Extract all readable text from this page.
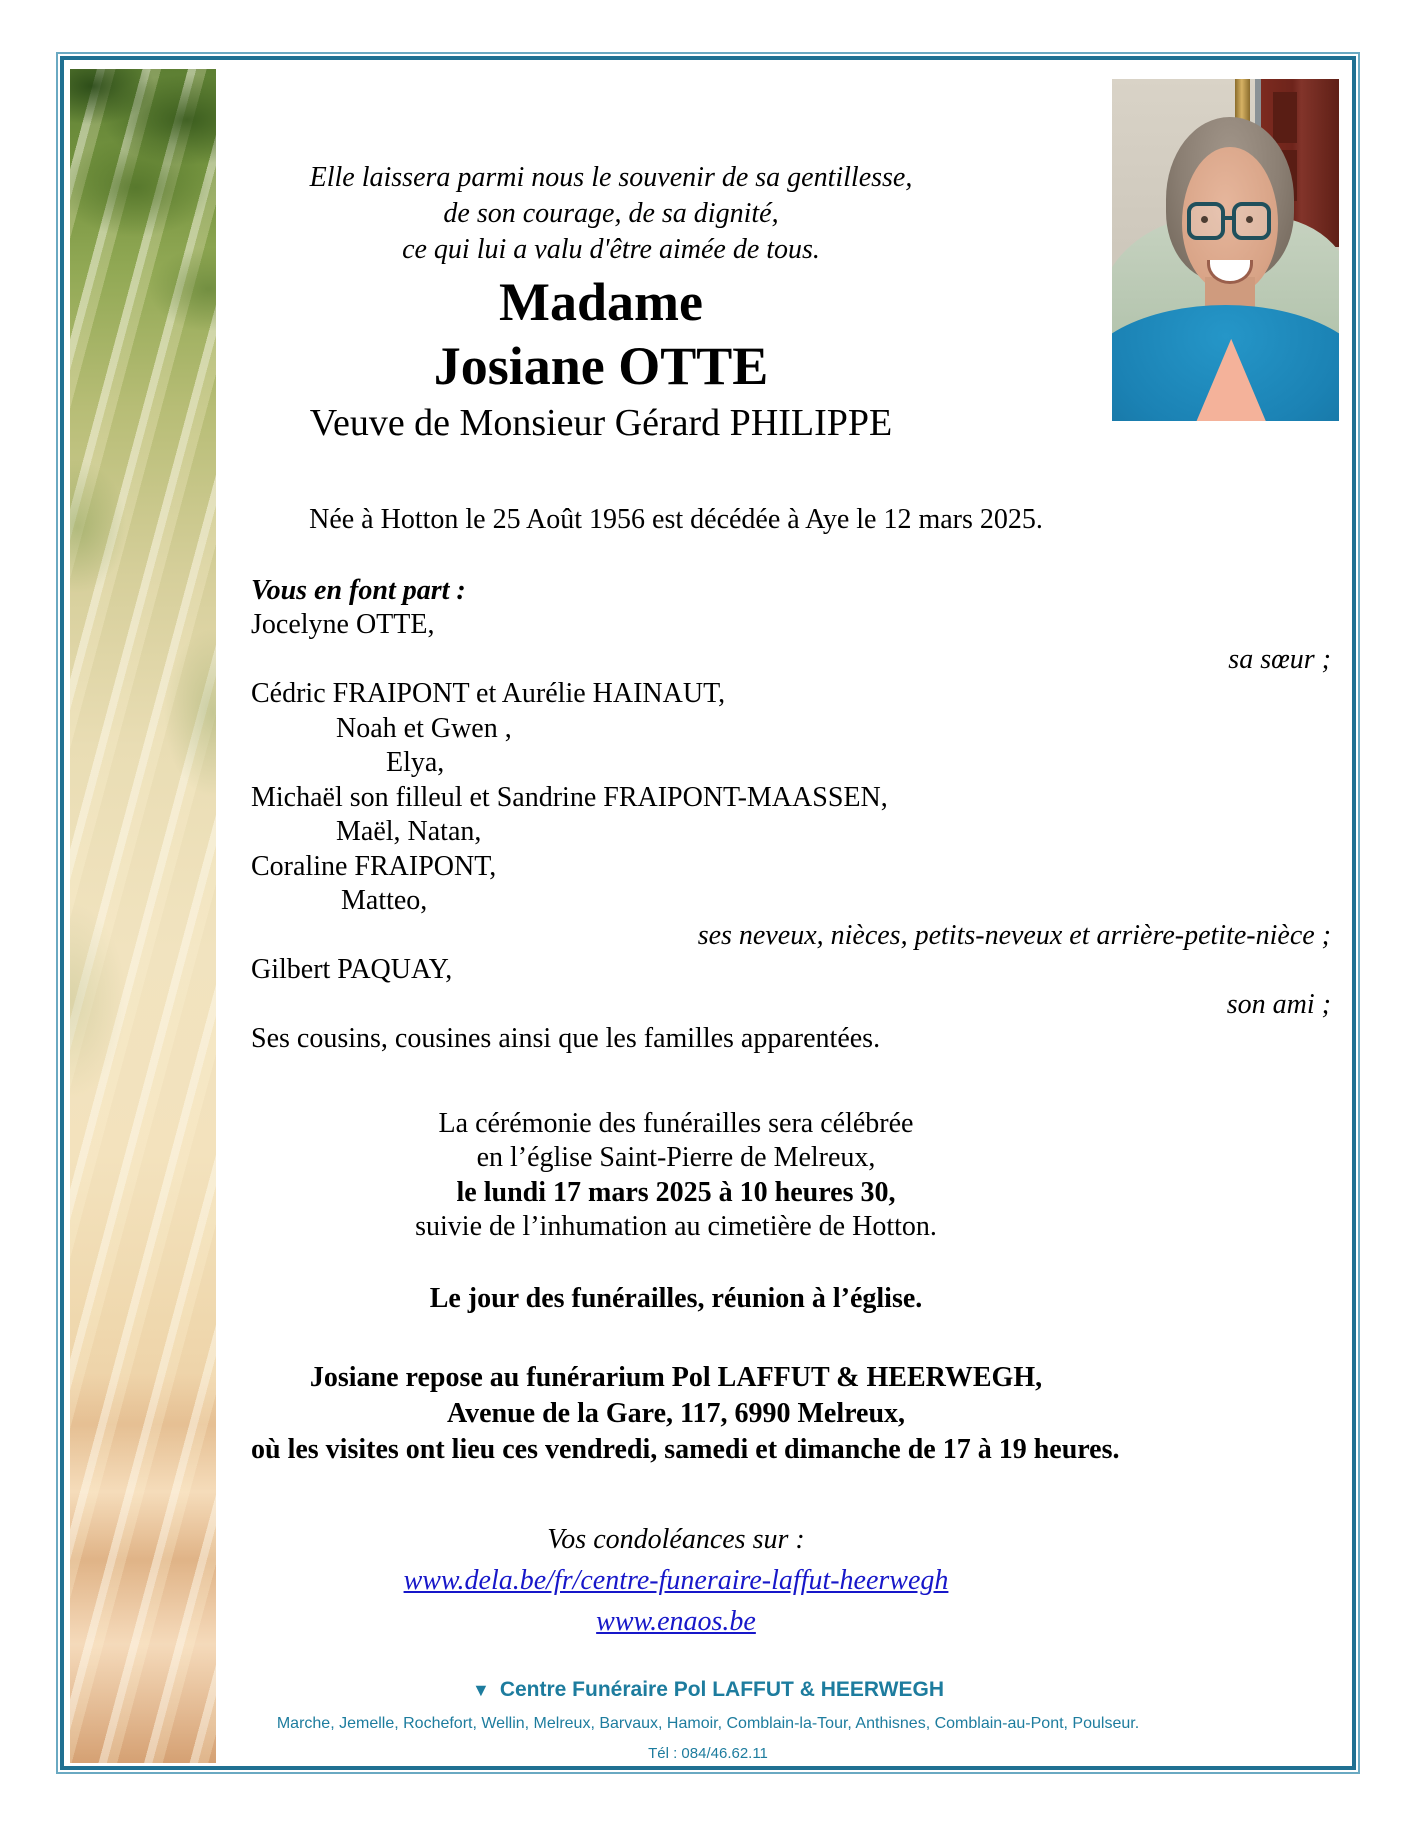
Elle laissera parmi nous le souvenir de sa gentillesse,
de son courage, de sa dignité,
ce qui lui a valu d'être aimée de tous.
Madame
Josiane OTTE
Veuve de Monsieur Gérard PHILIPPE
Née à Hotton le 25 Août 1956 est décédée à Aye le 12 mars 2025.
Vous en font part :
Jocelyne OTTE,
sa sœur ;
Cédric FRAIPONT et Aurélie HAINAUT,
Noah et Gwen ,
Elya,
Michaël son filleul et Sandrine FRAIPONT-MAASSEN,
Maël, Natan,
Coraline FRAIPONT,
Matteo,
ses neveux, nièces, petits-neveux et arrière-petite-nièce ;
Gilbert PAQUAY,
son ami ;
Ses cousins, cousines ainsi que les familles apparentées.
La cérémonie des funérailles sera célébrée
en l’église Saint-Pierre de Melreux,
le lundi 17 mars 2025 à 10 heures 30,
suivie de l’inhumation au cimetière de Hotton.
Le jour des funérailles, réunion à l’église.
Josiane repose au funérarium Pol LAFFUT & HEERWEGH,
Avenue de la Gare, 117, 6990 Melreux,
où les visites ont lieu ces vendredi, samedi et dimanche de 17 à 19 heures.
Vos condoléances sur :
www.dela.be/fr/centre-funeraire-laffut-heerwegh
www.enaos.be
▼ Centre Funéraire Pol LAFFUT & HEERWEGH
Marche, Jemelle, Rochefort, Wellin, Melreux, Barvaux, Hamoir, Comblain-la-Tour, Anthisnes, Comblain-au-Pont, Poulseur.
Tél : 084/46.62.11
